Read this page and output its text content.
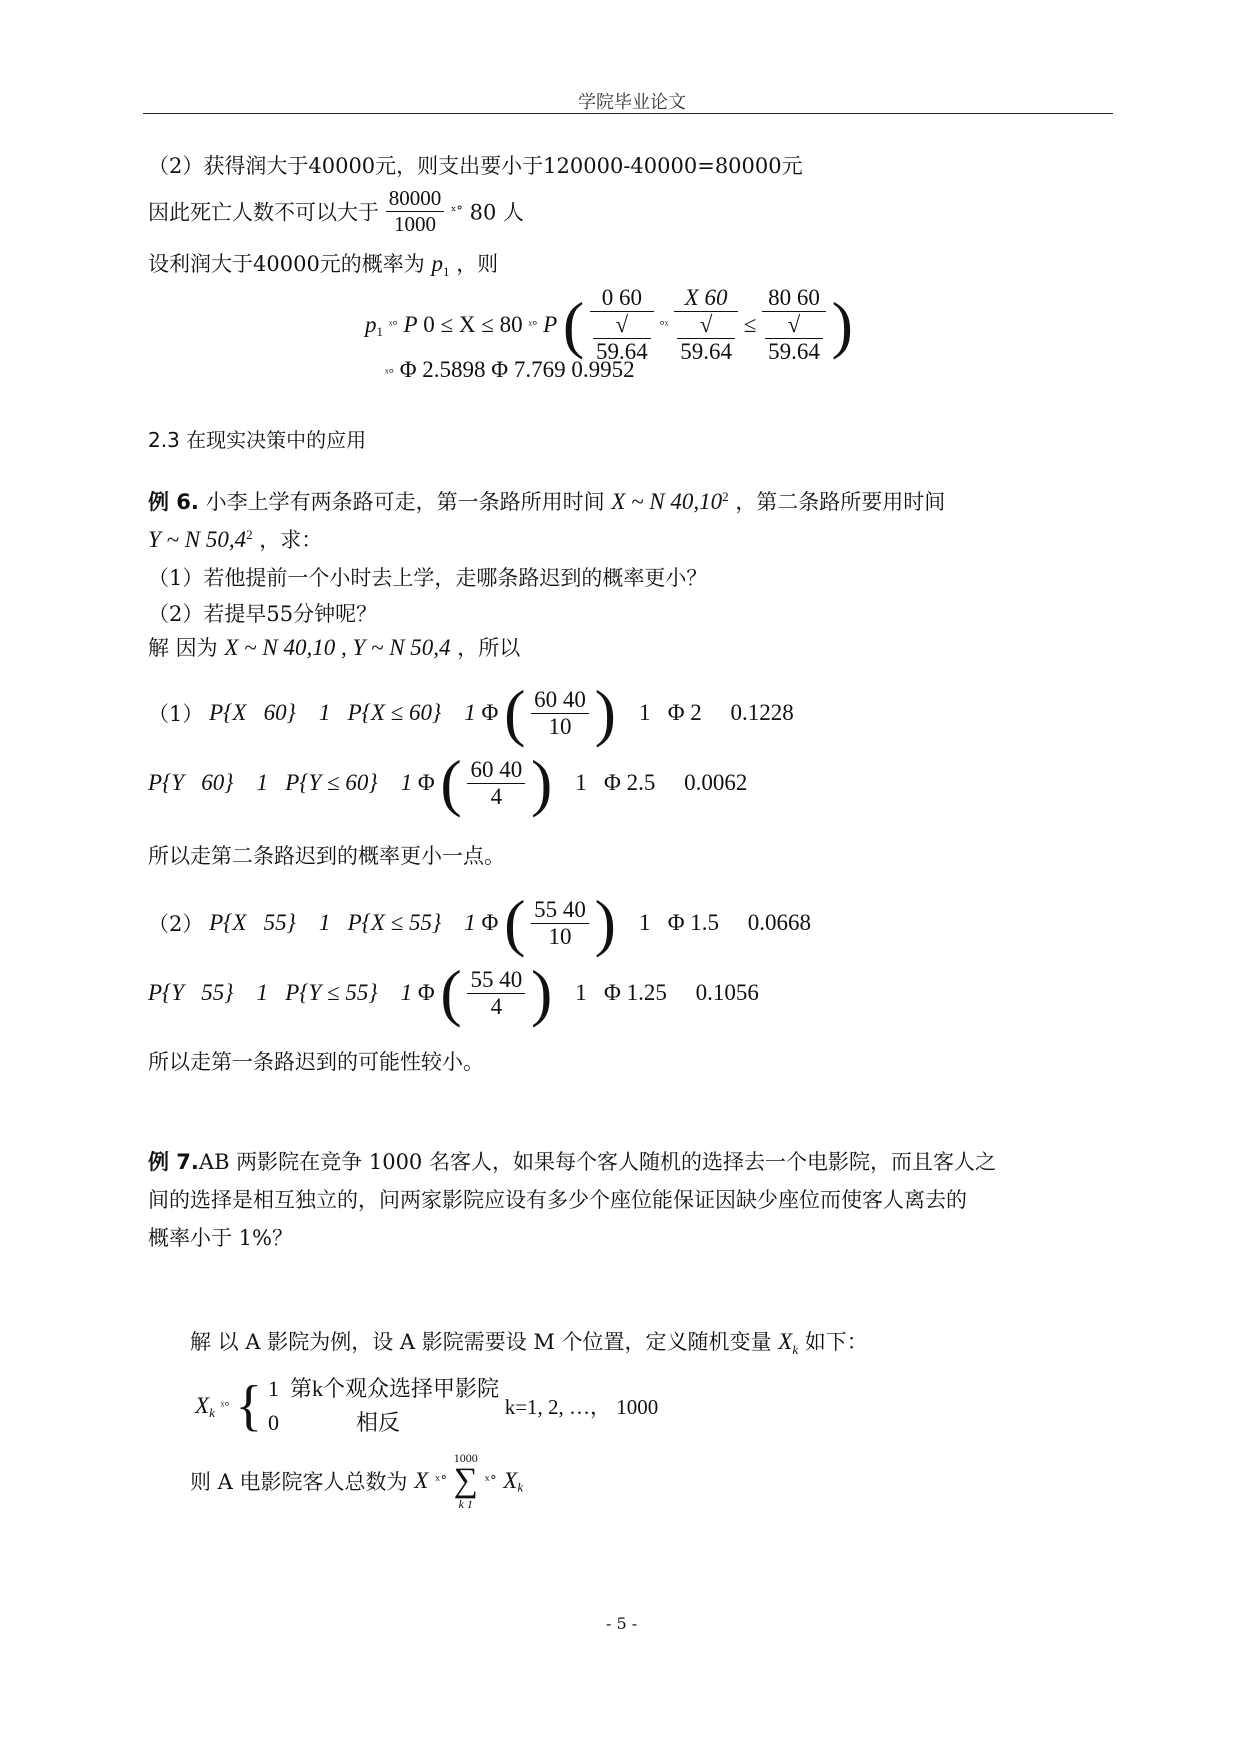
学院毕业论文
（2）获得润大于40000元，则支出要小于120000-40000=80000元
因此死亡人数不可以大于 $\frac{80000}{1000}$ ˣ° 80 人
设利润大于40000元的概率为 $p_1$ ，则
$p_1$ ˣ° P 0 ≤ X ≤ 80 ˣ° P ( 0 60
√
59.64 °ˣ X 60
√
59.64 ≤ 80 60
√
59.64 )
ˣ° Φ 2.5898 Φ 7.769 0.9952
2.3 在现实决策中的应用
例 6. 小李上学有两条路可走，第一条路所用时间 X ~ N 40,10$^2$ ，第二条路所要用时间
Y ~ N 50,4$^2$ ，求：
（1）若他提前一个小时去上学，走哪条路迟到的概率更小？
（2）若提早55分钟呢？
解 因为 X ~ N 40,10 , Y ~ N 50,4 ，所以
（1） P{X   60}    1   P{X ≤ 60}    1 Φ ( $\frac{60 40}{10}$ )    1   Φ 2     0.1228
P{Y   60}    1   P{Y ≤ 60}    1 Φ ( $\frac{60 40}{4}$ )    1   Φ 2.5     0.0062
所以走第二条路迟到的概率更小一点。
（2） P{X   55}    1   P{X ≤ 55}    1 Φ ( $\frac{55 40}{10}$ )    1   Φ 1.5     0.0668
P{Y   55}    1   P{Y ≤ 55}    1 Φ ( $\frac{55 40}{4}$ )    1   Φ 1.25     0.1056
所以走第一条路迟到的可能性较小。
例 7.AB 两影院在竞争 1000 名客人，如果每个客人随机的选择去一个电影院，而且客人之
间的选择是相互独立的，问两家影院应设有多少个座位能保证因缺少座位而使客人离去的
概率小于 1%？
解 以 A 影院为例，设 A 影院需要设 M 个位置，定义随机变量 $X_k$ 如下：
$X_k$ ˣ° { 1  第k个观众选择甲影院
0              相反
k=1, 2, …， 1000
则 A 电影院客人总数为 X ˣ°
1000
∑
k 1
ˣ° $X_k$
- 5 -
